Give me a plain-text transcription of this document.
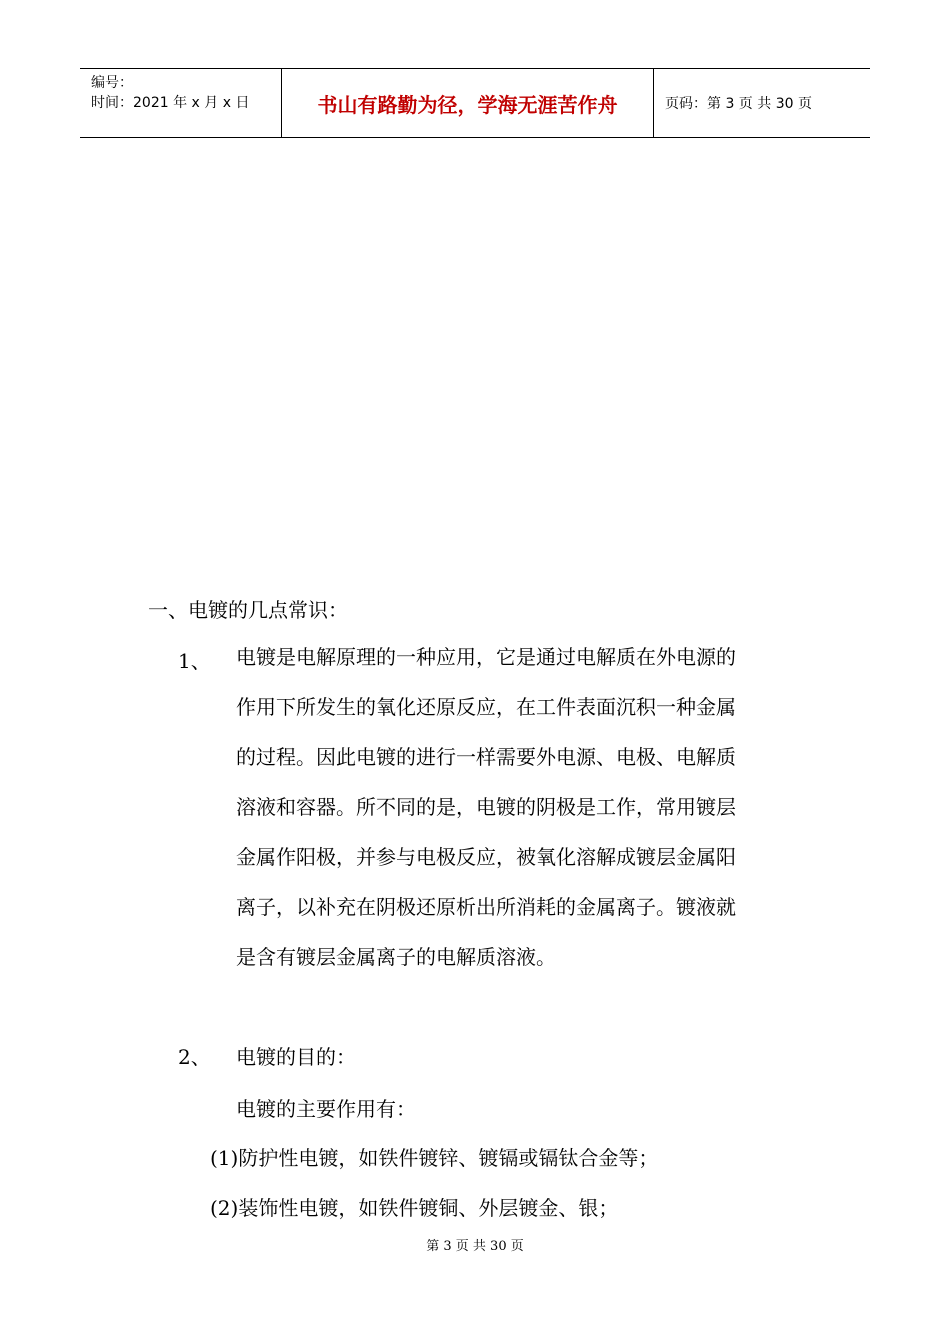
编号：
时间：2021 年 x 月 x 日	书山有路勤为径，学海无涯苦作舟	页码：第 3 页 共 30 页
一、电镀的几点常识：
1、 电镀是电解原理的一种应用，它是通过电解质在外电源的
作用下所发生的氧化还原反应，在工件表面沉积一种金属
的过程。因此电镀的进行一样需要外电源、电极、电解质
溶液和容器。所不同的是，电镀的阴极是工作，常用镀层
金属作阳极，并参与电极反应，被氧化溶解成镀层金属阳
离子，以补充在阴极还原析出所消耗的金属离子。镀液就
是含有镀层金属离子的电解质溶液。
2、 电镀的目的：
电镀的主要作用有：
(1)防护性电镀，如铁件镀锌、镀镉或镉钛合金等；
(2)装饰性电镀，如铁件镀铜、外层镀金、银；
第 3 页 共 30 页
